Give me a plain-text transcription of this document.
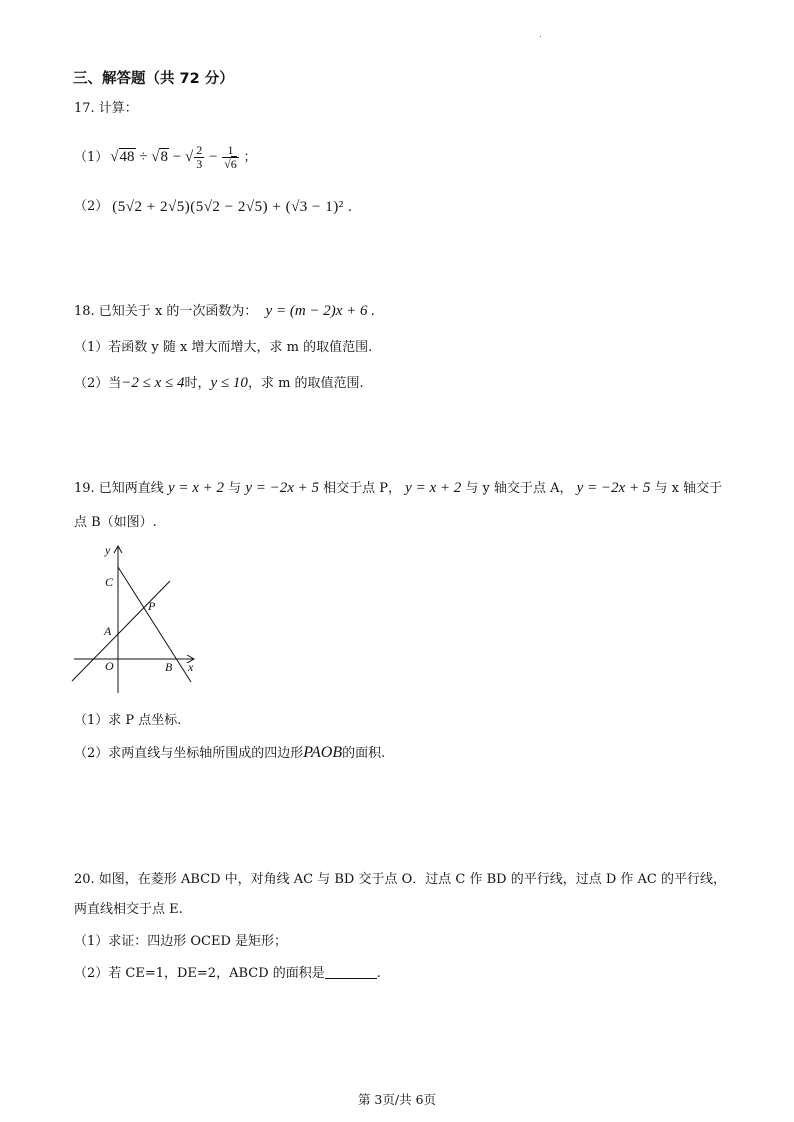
三、解答题（共 72 分）
17. 计算：
（1） √48 ÷ √8 − √ $\frac{2}{3} - \frac{1}{√6}$ ；
（2） (5√2 + 2√5)(5√2 − 2√5) + (√3 − 1)² .
18. 已知关于 x 的一次函数为： y = (m − 2)x + 6 .
（1）若函数 y 随 x 增大而增大，求 m 的取值范围.
（2）当−2 ≤ x ≤ 4时，y ≤ 10，求 m 的取值范围.
19. 已知两直线 y = x + 2 与 y = −2x + 5 相交于点 P， y = x + 2 与 y 轴交于点 A， y = −2x + 5 与 x 轴交于
点 B（如图）.
y
x
C
P
A
O	B
（1）求 P 点坐标.
（2）求两直线与坐标轴所围成的四边形PAOB的面积.
20. 如图，在菱形 ABCD 中，对角线 AC 与 BD 交于点 O．过点 C 作 BD 的平行线，过点 D 作 AC 的平行线，
两直线相交于点 E.
（1）求证：四边形 OCED 是矩形；
（2）若 CE=1，DE=2，ABCD 的面积是	.
第 3页/共 6页
